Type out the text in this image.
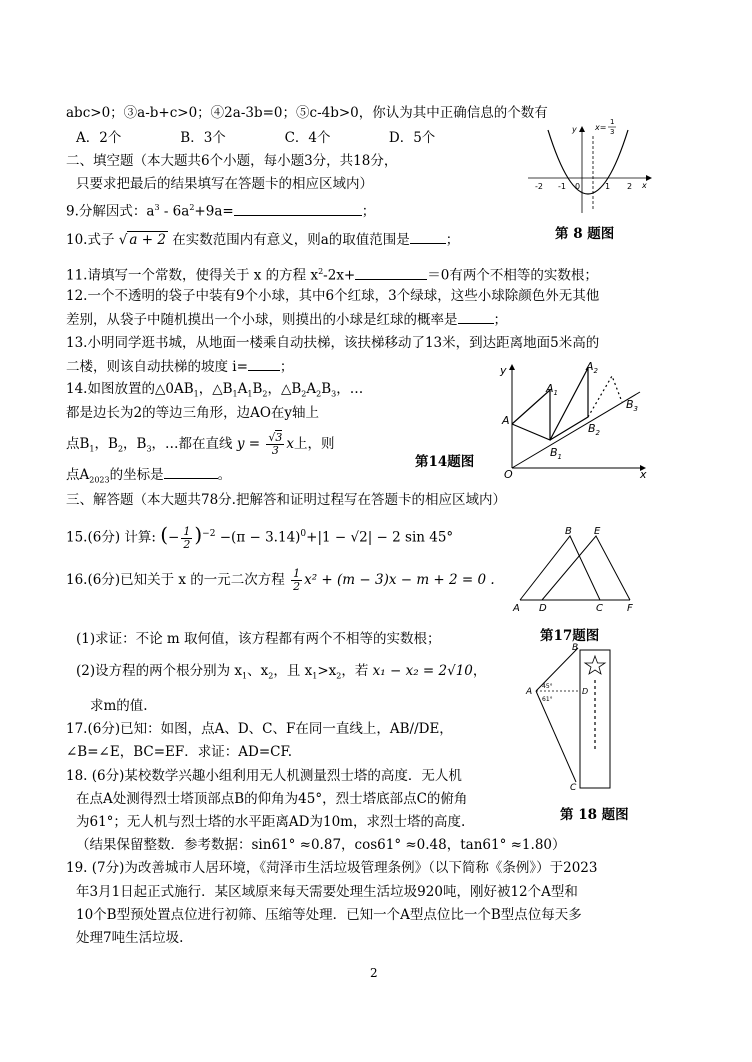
abc>0；③a-b+c>0；④2a-3b=0；⑤c-4b>0，你认为其中正确信息的个数有
A．2个	B．3个	C．4个	D．5个
二、填空题（本大题共6个小题，每小题3分，共18分，
只要求把最后的结果填写在答题卡的相应区域内）
9.分解因式：$a^3 - 6a^2+9a=$	；
10.式子 √ a + 2 在实数范围内有意义，则a的取值范围是	；
11.请填写一个常数，使得关于 x 的方程 $x^2-2x+$	＝0有两个不相等的实数根；
12.一个不透明的袋子中装有9个小球，其中6个红球，3个绿球，这些小球除颜色外无其他
差别，从袋子中随机摸出一个小球，则摸出的小球是红球的概率是	；
13.小明同学逛书城，从地面一楼乘自动扶梯，该扶梯移动了13米，到达距离地面5米高的
二楼，则该自动扶梯的坡度 i= ；
14.如图放置的$\triangle 0AB_1$，$\triangle B_1A_1B_2$，$\triangle B_2A_2B_3$，…
都是边长为2的等边三角形，边AO在y轴上
点$B_1$，$B_2$，$B_3$，…都在直线 $y = \frac{√3}{3}$ x上，则
点$A_{2023}$的坐标是	。
三、解答题（本大题共78分.把解答和证明过程写在答题卡的相应区域内）
15.(6分) 计算: (− $\frac{1}{2} )^{-2} -(\pi - 3.14)^0+|1 - √2| - 2$ sin 45°
16.(6分)已知关于 x 的一元二次方程 $\frac{1}{2} x^2 + (m - 3)x - m + 2 = 0$ .
(1)求证：不论 m 取何值，该方程都有两个不相等的实数根；
(2)设方程的两个根分别为 $x_1$、$x_2$，且 $x_1>x_2$，若 x₁ − x₂ = 2√10，
求m的值.
17.(6分)已知：如图，点A、D、C、F在同一直线上，AB//DE，
∠B=∠E，BC=EF．求证：AD=CF.
18. (6分)某校数学兴趣小组利用无人机测量烈士塔的高度．无人机
在点A处测得烈士塔顶部点B的仰角为45°，烈士塔底部点C的俯角
为61°；无人机与烈士塔的水平距离AD为10m，求烈士塔的高度.
（结果保留整数．参考数据：sin61° ≈0.87，cos61° ≈0.48，tan61° ≈1.80）
19. (7分)为改善城市人居环境，《菏泽市生活垃圾管理条例》（以下简称《条例》）于2023
年3月1日起正式施行．某区域原来每天需要处理生活垃圾920吨，刚好被12个A型和
10个B型预处置点位进行初筛、压缩等处理．已知一个A型点位比一个B型点位每天多
处理7吨生活垃圾.
-2 -1 0	1 2 x
y x=
1
3
第 8 题图
y
x
O
A
$A_1$
$A_2$
$B_1$
$B_2$
$B_3$
第14题图
A D	C F
B E
第17题图
A
B
C
D
45°
61°
第 18 题图
2
